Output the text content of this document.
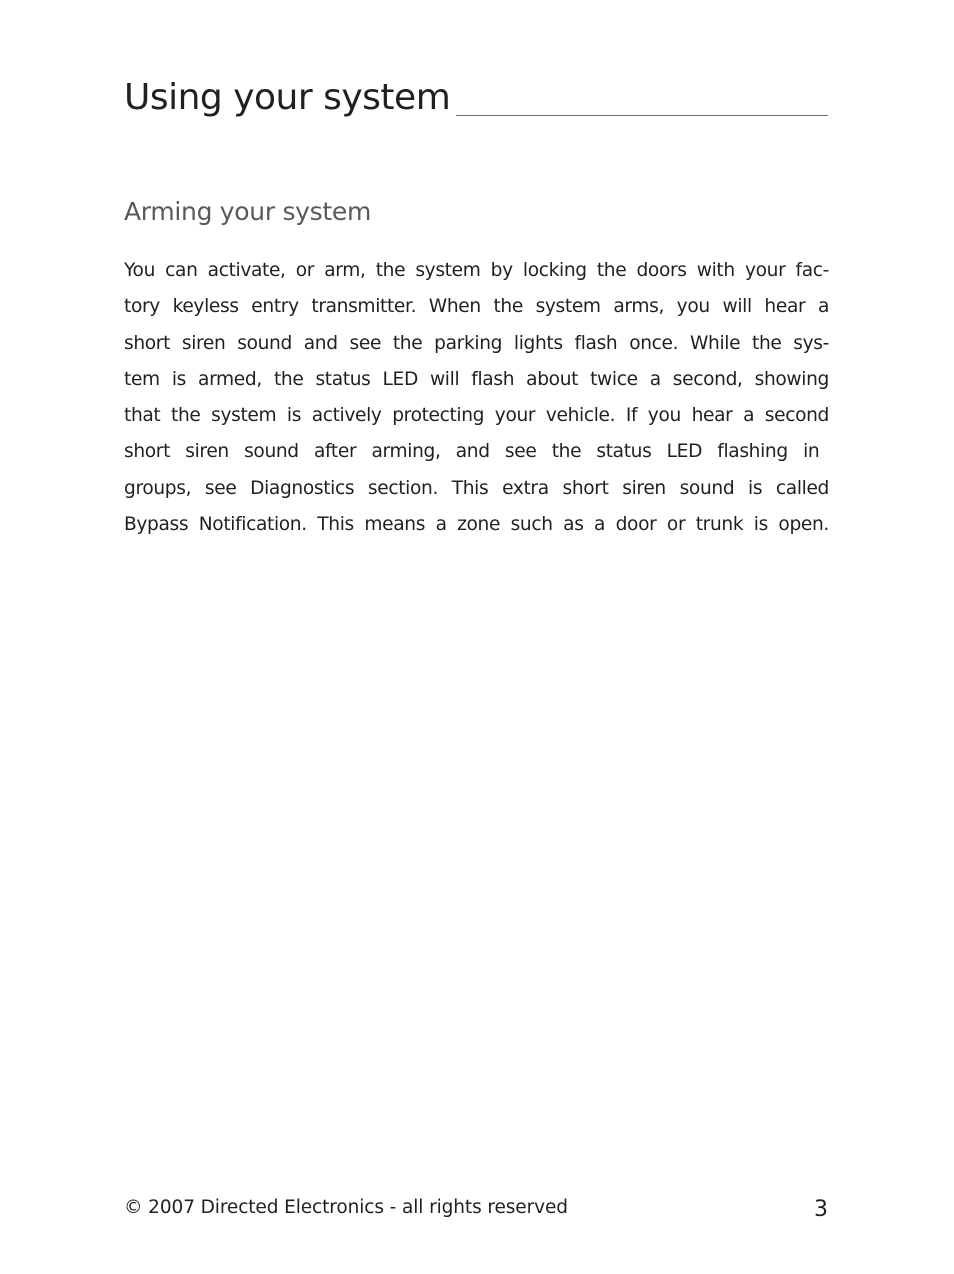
Using your system
Arming your system
You can activate, or arm, the system by locking the doors with your fac-
tory keyless entry transmitter. When the system arms, you will hear a
short siren sound and see the parking lights flash once. While the sys-
tem is armed, the status LED will flash about twice a second, showing
that the system is actively protecting your vehicle. If you hear a second
short siren sound after arming, and see the status LED flashing in
groups, see Diagnostics section. This extra short siren sound is called
Bypass Notification. This means a zone such as a door or trunk is open.
© 2007 Directed Electronics - all rights reserved	3
